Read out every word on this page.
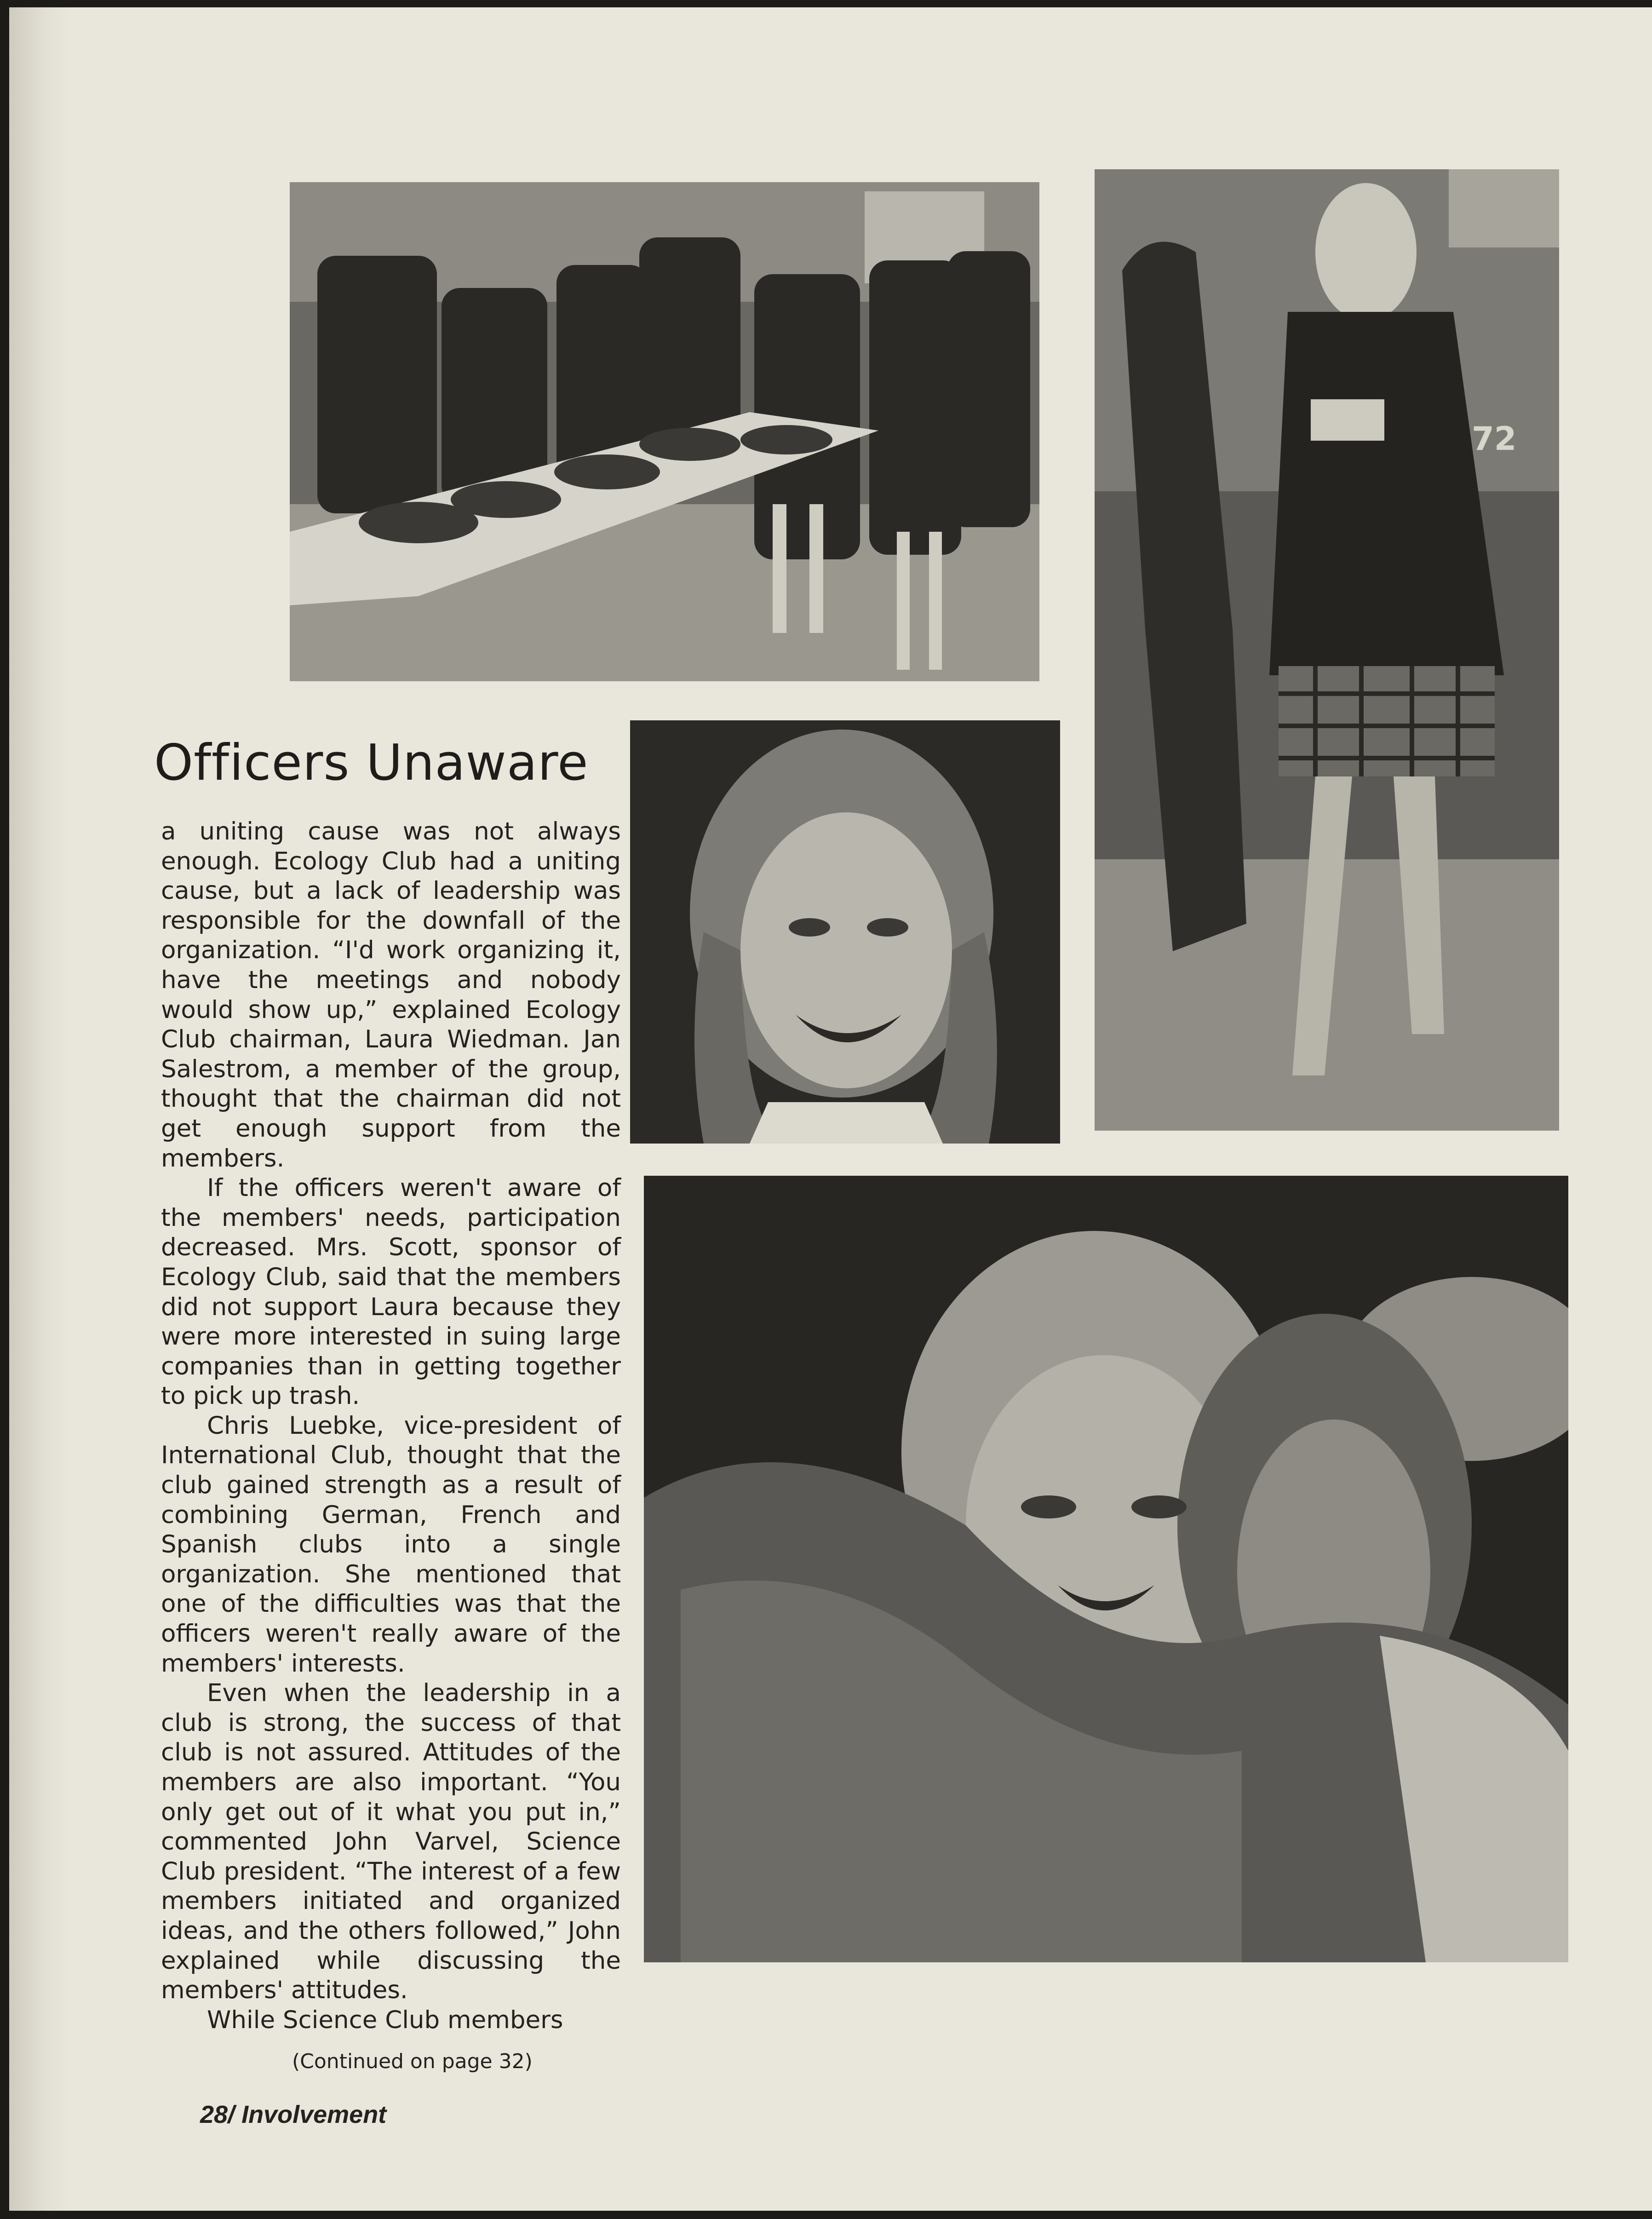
72
Officers Unaware

a uniting cause was not always enough. Ecology Club had a uniting cause, but a lack of leadership was responsible for the downfall of the organization. “I'd work organizing it, have the meetings and nobody would show up,” explained Ecology Club chairman, Laura Wiedman. Jan Salestrom, a member of the group, thought that the chairman did not get enough support from the members.

If the officers weren't aware of the members' needs, participation decreased. Mrs. Scott, sponsor of Ecology Club, said that the members did not support Laura because they were more interested in suing large companies than in getting together to pick up trash.

Chris Luebke, vice-president of International Club, thought that the club gained strength as a result of combining German, French and Spanish clubs into a single organization. She mentioned that one of the difficulties was that the officers weren't really aware of the members' interests.

Even when the leadership in a club is strong, the success of that club is not assured. Attitudes of the members are also important. “You only get out of it what you put in,” commented John Varvel, Science Club president. “The interest of a few members initiated and organized ideas, and the others followed,” John explained while discussing the members' attitudes.

While Science Club members

(Continued on page 32)
28/ Involvement
